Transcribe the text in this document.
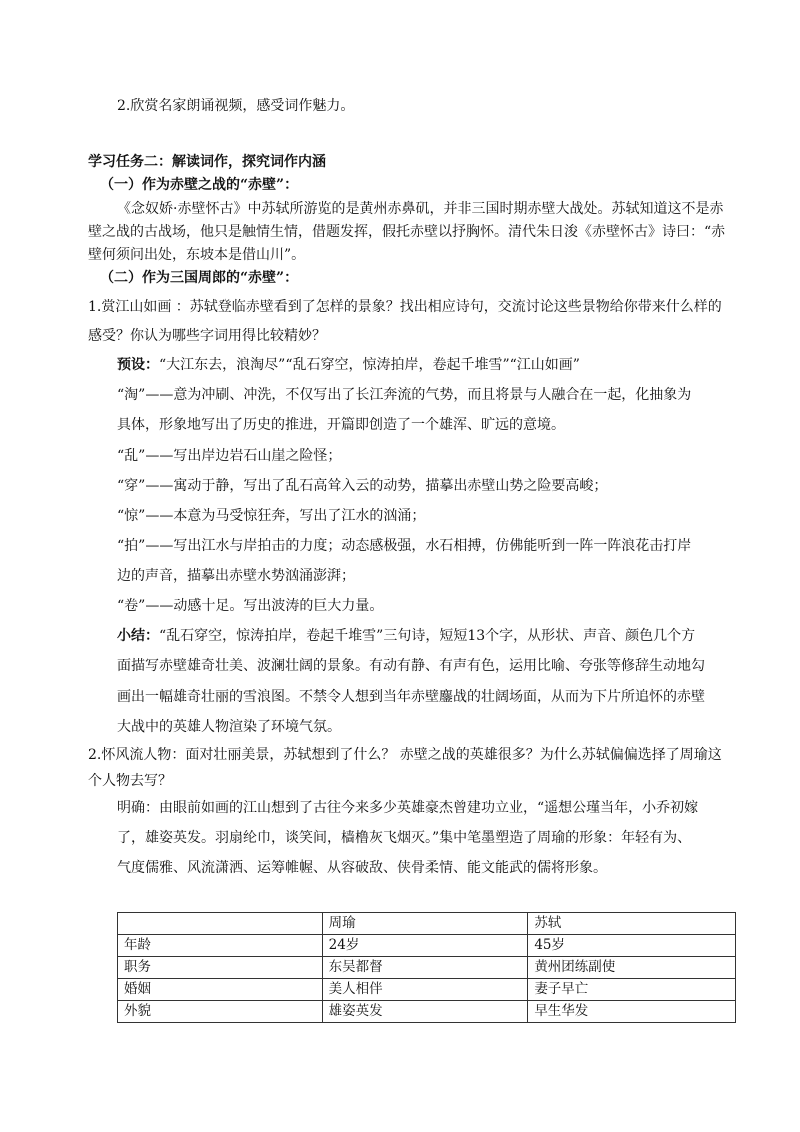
2.欣赏名家朗诵视频，感受词作魅力。
学习任务二：解读词作，探究词作内涵
（一）作为赤壁之战的“赤壁”：
《念奴娇·赤壁怀古》中苏轼所游览的是黄州赤鼻矶，并非三国时期赤壁大战处。苏轼知道这不是赤
壁之战的古战场，他只是触情生情，借题发挥，假托赤壁以抒胸怀。清代朱日浚《赤壁怀古》诗曰：“赤
壁何须问出处，东坡本是借山川”。
（二）作为三国周郎的“赤壁”：
1.赏江山如画 ：苏轼登临赤壁看到了怎样的景象？找出相应诗句，交流讨论这些景物给你带来什么样的
感受？你认为哪些字词用得比较精妙？
预设：“大江东去，浪淘尽”“乱石穿空，惊涛拍岸，卷起千堆雪”“江山如画”
“淘”——意为冲刷、冲洗，不仅写出了长江奔流的气势，而且将景与人融合在一起，化抽象为
具体，形象地写出了历史的推进，开篇即创造了一个雄浑、旷远的意境。
“乱”——写出岸边岩石山崖之险怪；
“穿”——寓动于静，写出了乱石高耸入云的动势，描摹出赤壁山势之险要高峻；
“惊”——本意为马受惊狂奔，写出了江水的汹涌；
“拍”——写出江水与岸拍击的力度；动态感极强，水石相搏，仿佛能听到一阵一阵浪花击打岸
边的声音，描摹出赤壁水势汹涌澎湃；
“卷”——动感十足。写出波涛的巨大力量。
小结：“乱石穿空，惊涛拍岸，卷起千堆雪”三句诗，短短13个字，从形状、声音、颜色几个方
面描写赤壁雄奇壮美、波澜壮阔的景象。有动有静、有声有色，运用比喻、夸张等修辞生动地勾
画出一幅雄奇壮丽的雪浪图。不禁令人想到当年赤壁鏖战的壮阔场面，从而为下片所追怀的赤壁
大战中的英雄人物渲染了环境气氛。
2.怀风流人物：面对壮丽美景，苏轼想到了什么？ 赤壁之战的英雄很多？为什么苏轼偏偏选择了周瑜这
个人物去写？
明确：由眼前如画的江山想到了古往今来多少英雄豪杰曾建功立业，“遥想公瑾当年，小乔初嫁
了，雄姿英发。羽扇纶巾，谈笑间，樯橹灰飞烟灭。”集中笔墨塑造了周瑜的形象：年轻有为、
气度儒雅、风流潇洒、运筹帷幄、从容破敌、侠骨柔情、能文能武的儒将形象。
	周瑜	苏轼
年龄	24岁	45岁
职务	东吴都督	黄州团练副使
婚姻	美人相伴	妻子早亡
外貌	雄姿英发	早生华发
